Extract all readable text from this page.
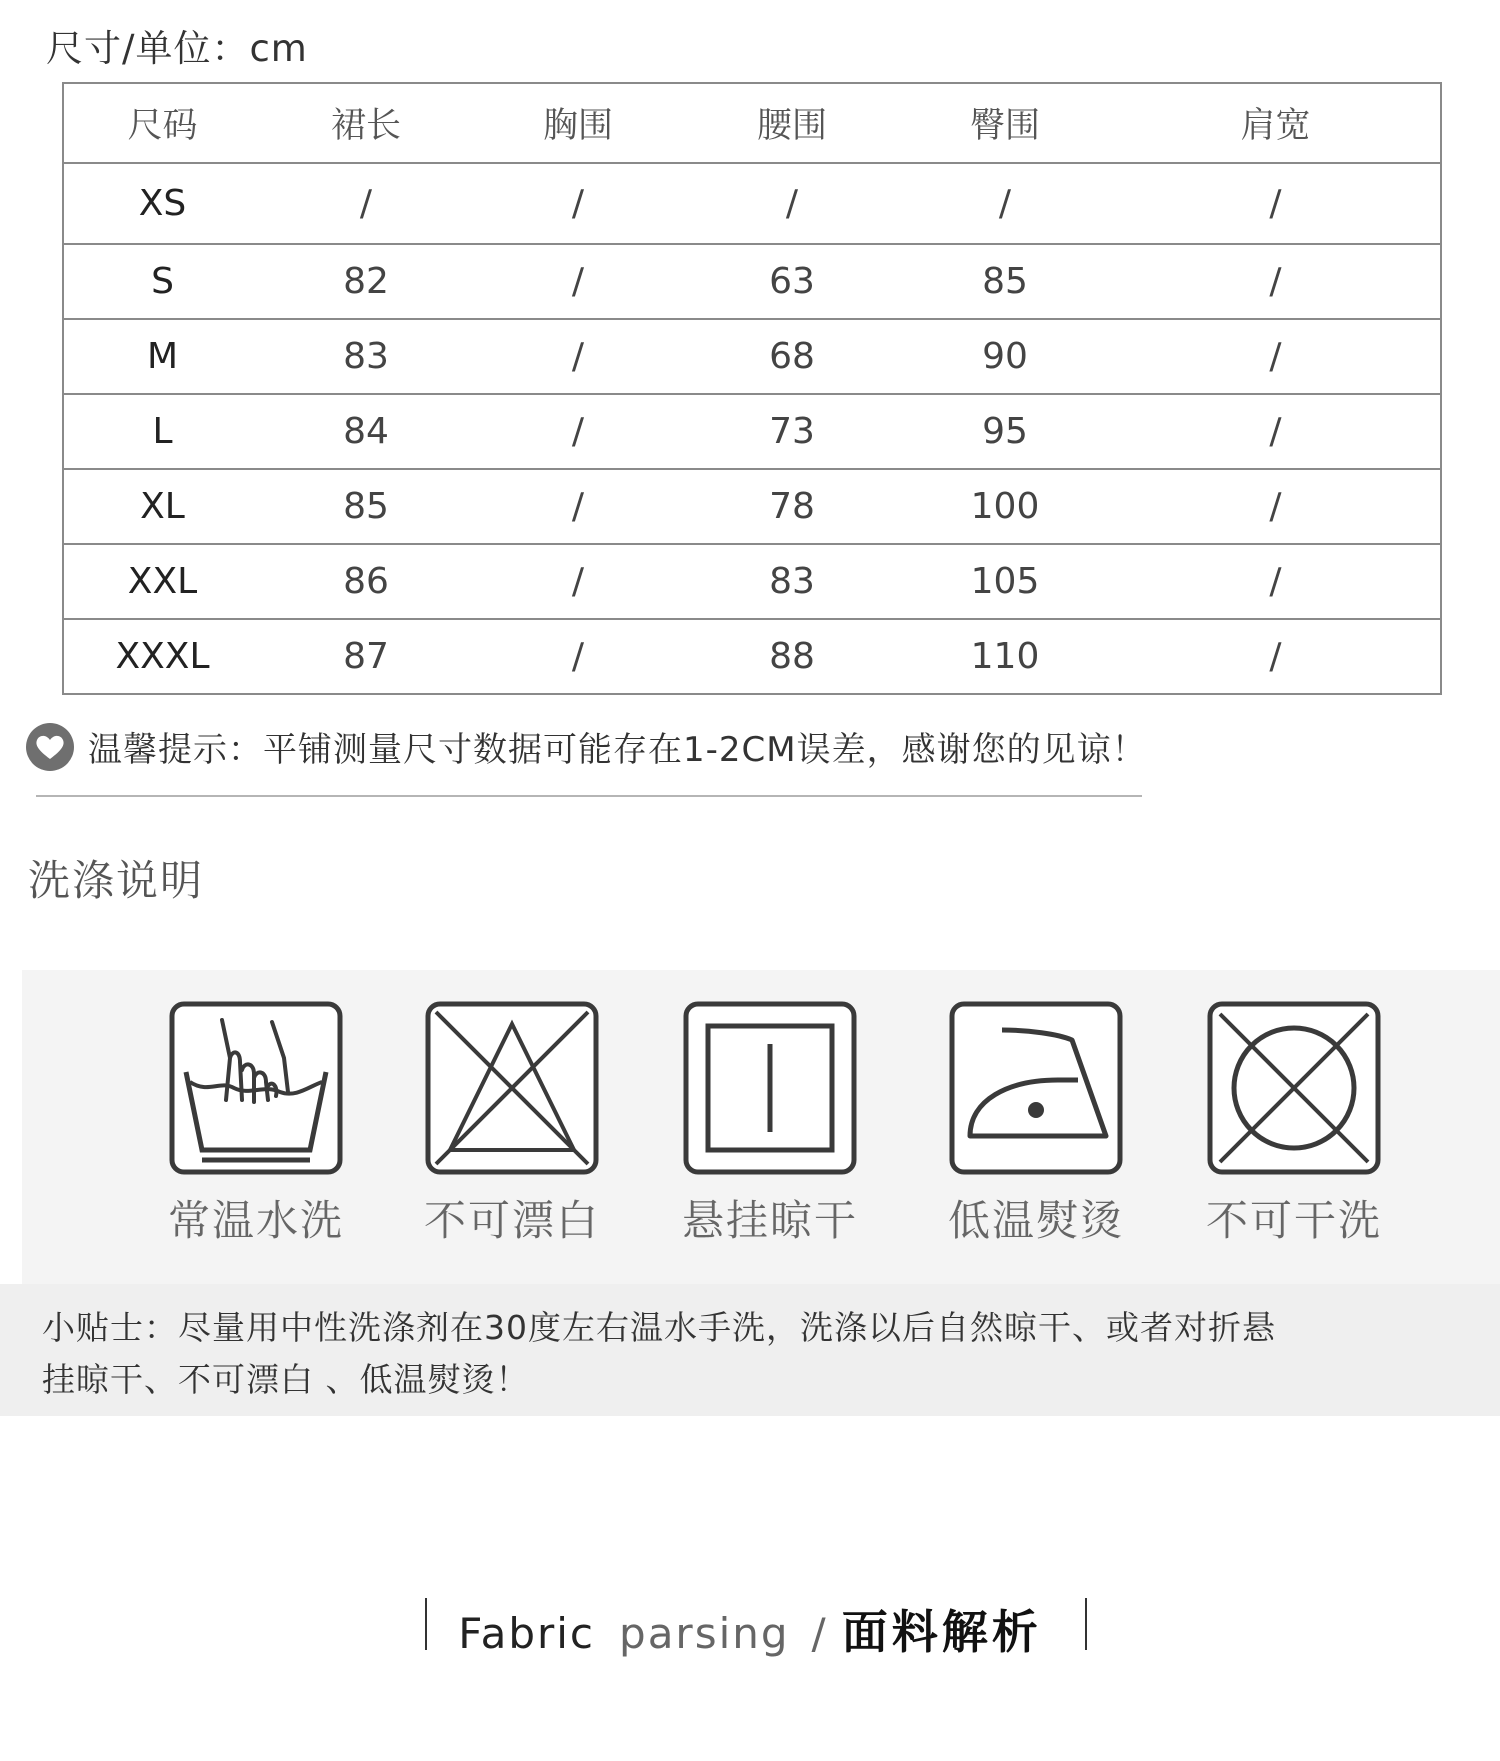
尺寸/单位：cm
尺码	裙长	胸围	腰围	臀围	肩宽
XS	/	/	/	/	/
S	82	/	63	85	/
M	83	/	68	90	/
L	84	/	73	95	/
XL	85	/	78	100	/
XXL	86	/	83	105	/
XXXL	87	/	88	110	/
温馨提示：平铺测量尺寸数据可能存在1-2CM误差，感谢您的见谅！
洗涤说明
常温水洗	不可漂白	悬挂晾干	低温熨烫	不可干洗
小贴士：尽量用中性洗涤剂在30度左右温水手洗，洗涤以后自然晾干、或者对折悬
挂晾干、不可漂白 、低温熨烫！
Fabric parsing / 面料解析
